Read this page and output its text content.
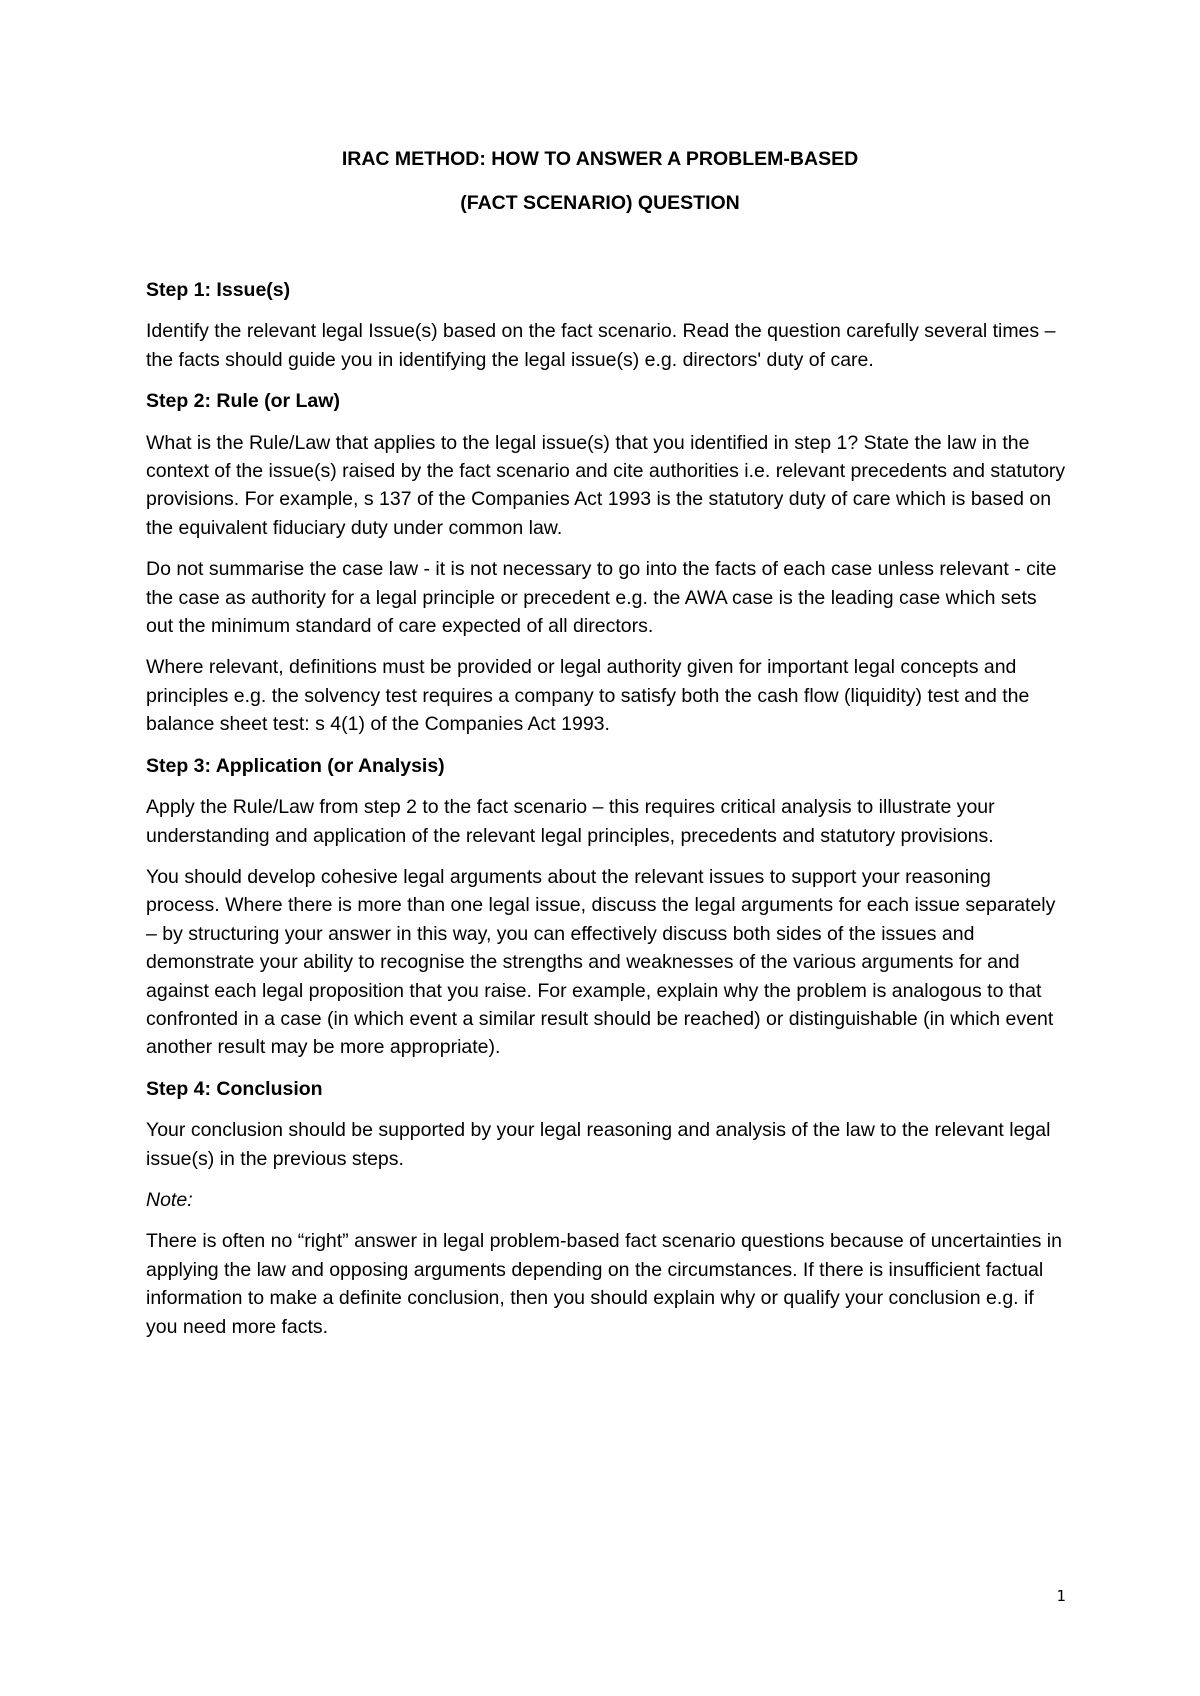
IRAC METHOD: HOW TO ANSWER A PROBLEM-BASED
(FACT SCENARIO) QUESTION
Step 1: Issue(s)

Identify the relevant legal Issue(s) based on the fact scenario. Read the question carefully several times – the facts should guide you in identifying the legal issue(s) e.g. directors' duty of care.

Step 2: Rule (or Law)

What is the Rule/Law that applies to the legal issue(s) that you identified in step 1? State the law in the context of the issue(s) raised by the fact scenario and cite authorities i.e. relevant precedents and statutory provisions. For example, s 137 of the Companies Act 1993 is the statutory duty of care which is based on the equivalent fiduciary duty under common law.

Do not summarise the case law - it is not necessary to go into the facts of each case unless relevant - cite the case as authority for a legal principle or precedent e.g. the AWA case is the leading case which sets out the minimum standard of care expected of all directors.

Where relevant, definitions must be provided or legal authority given for important legal concepts and principles e.g. the solvency test requires a company to satisfy both the cash flow (liquidity) test and the balance sheet test: s 4(1) of the Companies Act 1993.

Step 3: Application (or Analysis)

Apply the Rule/Law from step 2 to the fact scenario – this requires critical analysis to illustrate your understanding and application of the relevant legal principles, precedents and statutory provisions.

You should develop cohesive legal arguments about the relevant issues to support your reasoning process. Where there is more than one legal issue, discuss the legal arguments for each issue separately – by structuring your answer in this way, you can effectively discuss both sides of the issues and demonstrate your ability to recognise the strengths and weaknesses of the various arguments for and against each legal proposition that you raise. For example, explain why the problem is analogous to that confronted in a case (in which event a similar result should be reached) or distinguishable (in which event another result may be more appropriate).

Step 4: Conclusion

Your conclusion should be supported by your legal reasoning and analysis of the law to the relevant legal issue(s) in the previous steps.

Note:

There is often no “right” answer in legal problem-based fact scenario questions because of uncertainties in applying the law and opposing arguments depending on the circumstances. If there is insufficient factual information to make a definite conclusion, then you should explain why or qualify your conclusion e.g. if you need more facts.

1
